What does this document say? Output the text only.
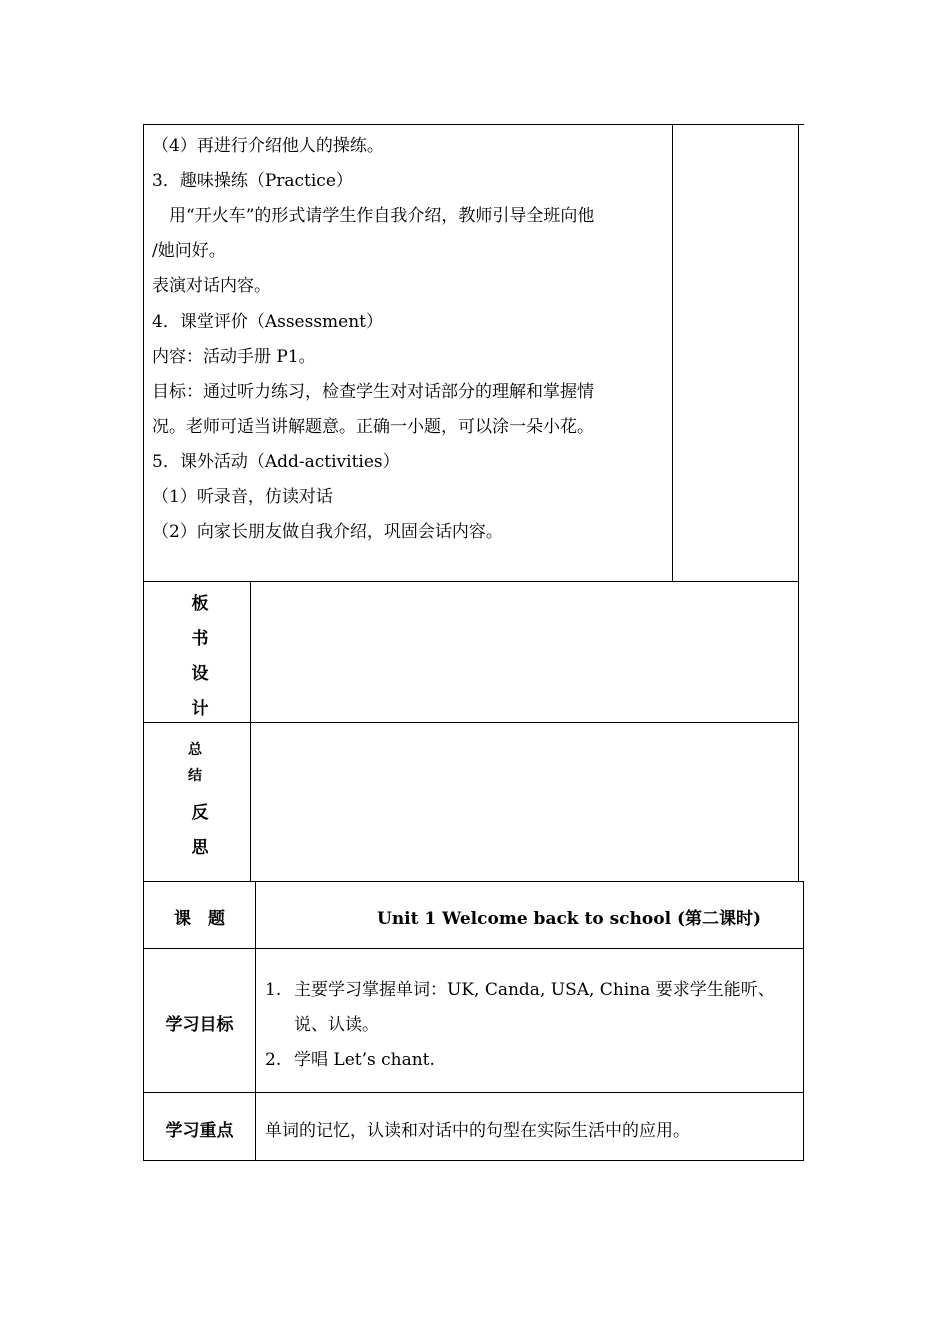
（4）再进行介绍他人的操练。
3．趣味操练（Practice）
　用“开火车”的形式请学生作自我介绍，教师引导全班向他
/她问好。
表演对话内容。
4．课堂评价（Assessment）
内容：活动手册 P1。
目标：通过听力练习，检查学生对对话部分的理解和掌握情
况。老师可适当讲解题意。正确一小题，可以涂一朵小花。
5．课外活动（Add-activities）
（1）听录音，仿读对话
（2）向家长朋友做自我介绍，巩固会话内容。
板
书
设
计
总
结
反
思
课　题	Unit 1 Welcome back to school (第二课时)
学习目标
1. 主要学习掌握单词：UK, Canda, USA, China 要求学生能听、
说、认读。
2. 学唱 Let’s chant.
学习重点	单词的记忆，认读和对话中的句型在实际生活中的应用。
